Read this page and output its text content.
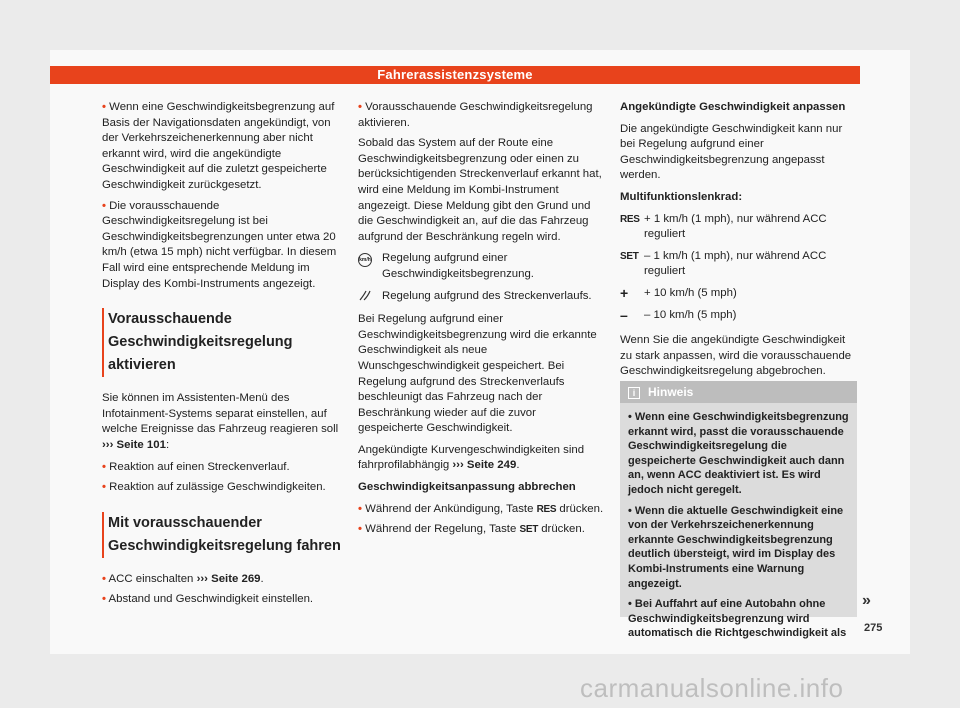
Fahrerassistenzsysteme

• Wenn eine Geschwindigkeitsbegrenzung auf Basis der Navigationsdaten angekündigt, von der Verkehrszeichenerkennung aber nicht erkannt wird, wird die angekündigte Geschwindigkeit auf die zuletzt gespeicherte Geschwindigkeit zurückgesetzt.

• Die vorausschauende Geschwindigkeitsregelung ist bei Geschwindigkeitsbegrenzungen unter etwa 20 km/h (etwa 15 mph) nicht verfügbar. In diesem Fall wird eine entsprechende Meldung im Display des Kombi-Instruments angezeigt.

Vorausschauende Geschwindigkeitsregelung aktivieren

Sie können im Assistenten-Menü des Infotainment-Systems separat einstellen, auf welche Ereignisse das Fahrzeug reagieren soll ››› Seite 101:

• Reaktion auf einen Streckenverlauf.

• Reaktion auf zulässige Geschwindigkeiten.

Mit vorausschauender Geschwindigkeitsregelung fahren

• ACC einschalten ››› Seite 269.

• Abstand und Geschwindigkeit einstellen.

• Vorausschauende Geschwindigkeitsregelung aktivieren.

Sobald das System auf der Route eine Geschwindigkeitsbegrenzung oder einen zu berücksichtigenden Streckenverlauf erkannt hat, wird eine Meldung im Kombi-Instrument angezeigt. Diese Meldung gibt den Grund und die Geschwindigkeit an, auf die das Fahrzeug aufgrund der Beschränkung regeln wird.

km/h Regelung aufgrund einer Geschwindigkeitsbegrenzung.
Regelung aufgrund des Streckenverlaufs.

Bei Regelung aufgrund einer Geschwindigkeitsbegrenzung wird die erkannte Geschwindigkeit als neue Wunschgeschwindigkeit gespeichert. Bei Regelung aufgrund des Streckenverlaufs beschleunigt das Fahrzeug nach der Beschränkung wieder auf die zuvor gespeicherte Geschwindigkeit.

Angekündigte Kurvengeschwindigkeiten sind fahrprofilabhängig ››› Seite 249.

Geschwindigkeitsanpassung abbrechen

• Während der Ankündigung, Taste RES drücken.

• Während der Regelung, Taste SET drücken.

Angekündigte Geschwindigkeit anpassen

Die angekündigte Geschwindigkeit kann nur bei Regelung aufgrund einer Geschwindigkeitsbegrenzung angepasst werden.

Multifunktionslenkrad:

RES + 1 km/h (1 mph), nur während ACC reguliert
SET – 1 km/h (1 mph), nur während ACC reguliert
+	+ 10 km/h (5 mph)
–	– 10 km/h (5 mph)

Wenn Sie die angekündigte Geschwindigkeit zu stark anpassen, wird die vorausschauende Geschwindigkeitsregelung abgebrochen.

i Hinweis

• Wenn eine Geschwindigkeitsbegrenzung erkannt wird, passt die vorausschauende Geschwindigkeitsregelung die gespeicherte Geschwindigkeit auch dann an, wenn ACC deaktiviert ist. Es wird jedoch nicht geregelt.

• Wenn die aktuelle Geschwindigkeit eine von der Verkehrszeichenerkennung erkannte Geschwindigkeitsbegrenzung deutlich übersteigt, wird im Display des Kombi-Instruments eine Warnung angezeigt.

• Bei Auffahrt auf eine Autobahn ohne Geschwindigkeitsbegrenzung wird automatisch die Richtgeschwindigkeit als

»
275
carmanualsonline.info
